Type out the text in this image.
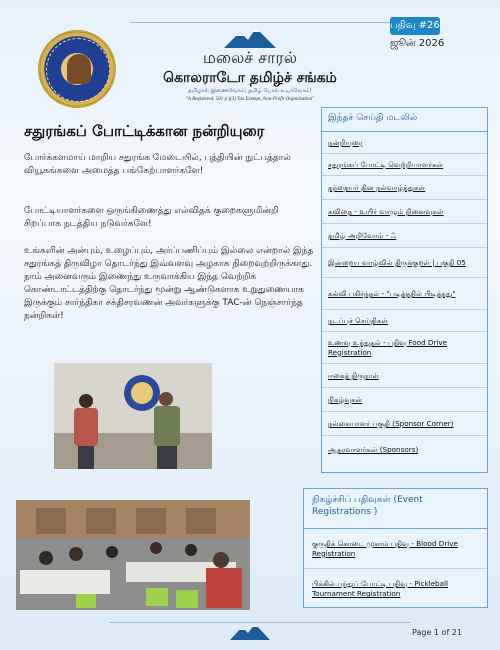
பதிவு #26
ஜூன் 2026
மலைச் சாரல்
கொலராடோ தமிழ்ச் சங்கம்
தமிழால் இணைவோம்; தமிழ் போல் உயர்வோம்!
"A Registered, 501 (c)(3) Tax Exempt, Non-Profit Organization"
சதுரங்கப் போட்டிக்கான நன்றியுரை
போர்க்களமாய் மாறிய சதுரங்க மேடையில், புத்தியின் நுட்பத்தால் வியூகங்களை அமைத்த பங்கேற்பாளர்களே!
போட்டியாளர்களை ஒருங்கிணைத்து எல்விதக் குறைகளுமின்றி சிறப்பாக நடத்திய நடுவர்களே!
உங்களின் அன்பும், உழைப்பும், அர்ப்பணிப்பும் இல்லை என்றால் இந்த சதுரங்கத் திருவிழா தொடர்ந்து இவ்வளவு அழகாக நிறைவுற்றிருக்காது. நாம் அனைவரும் இணைந்து உருவாக்கிய இந்த வெற்றிக் கொண்டாட்டத்திற்கு தொடர்ந்து மூன்று ஆண்டுகளாக உறுதுணையாக இருக்கும் சார்ந்திகா சக்திசரவணன் அவர்களுக்கு TAC-ன் நெஞ்சார்ந்த நன்றிகள்!
இந்தச் செய்தி மடலில்
நன்றியுரை
சதுரங்கப் போட்டி வெற்றியாளர்கள்
தந்தையர் தின நல்வாழ்த்துகள்
கவிதை - உயிர் வாழும் நினைவுகள்
தமிழ் அறிவோம் - ஃ
இன்றைய வாழ்வில் திருக்குறள் | பகுதி 05
கல்வி பகிர்ந்தல் - "படித்ததில் பிடித்தது"
நடப்புச் செய்திகள்
உணவு உந்துதல் - பதிவு Food Drive Registration
ஈகைத் திருநாள்
நிகழ்வுகள்
நல்கையாளர் பகுதி (Sponsor Corner)
ஆதரவாளர்கள் (Sponsors)
நிகழ்ச்சிப் பதிவுகள் (Event Registrations )
குருதிக் கொடை முகாம் பதிவு - Blood Drive Registration
பிக்கில் பந்துப் போட்டி பதிவு - Pickleball Tournament Registration
Page 1 of 21
